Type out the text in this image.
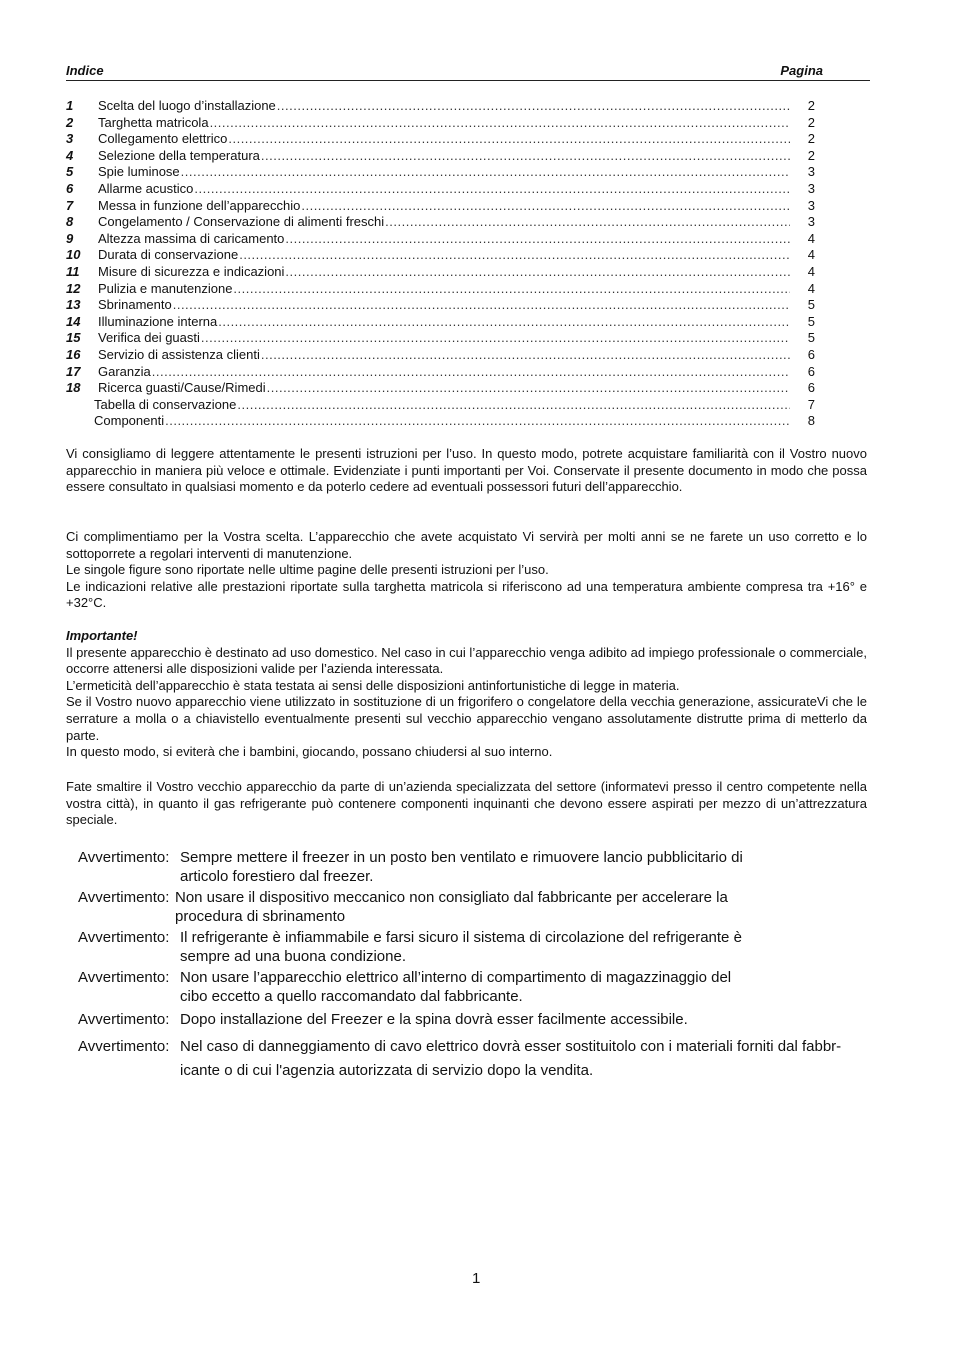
Indice	Pagina
1	Scelta del luogo d’installazione .....	2
2	Targhetta matricola .....	2
3	Collegamento elettrico .....	2
4	Selezione della temperatura .....	2
5	Spie luminose .....	3
6	Allarme acustico .....	3
7	Messa in funzione dell’apparecchio .....	3
8	Congelamento / Conservazione di alimenti freschi .....	3
9	Altezza massima di caricamento .....	4
10	Durata di conservazione .....	4
11	Misure di sicurezza e indicazioni .....	4
12	Pulizia e manutenzione .....	4
13	Sbrinamento .....	5
14	Illuminazione interna .....	5
15	Verifica dei guasti .....	5
16	Servizio di assistenza clienti .....	6
17	Garanzia .....	6
18	Ricerca guasti/Cause/Rimedi .....	6
Tabella di conservazione .....	7
Componenti .....	8

Vi consigliamo di leggere attentamente le presenti istruzioni per l’uso. In questo modo, potrete acquistare familiarità con il Vostro nuovo apparecchio in maniera più veloce e ottimale. Evidenziate i punti importanti per Voi. Conservate il presente documento in modo che possa essere consultato in qualsiasi momento e da poterlo cedere ad eventuali possessori futuri dell’apparecchio.

Ci complimentiamo per la Vostra scelta. L’apparecchio che avete acquistato Vi servirà per molti anni se ne farete un uso corretto e lo sottoporrete a regolari interventi di manutenzione.

Le singole figure sono riportate nelle ultime pagine delle presenti istruzioni per l’uso.

Le indicazioni relative alle prestazioni riportate sulla targhetta matricola si riferiscono ad una temperatura ambiente compresa tra +16° e +32°C.

Importante!

Il presente apparecchio è destinato ad uso domestico. Nel caso in cui l’apparecchio venga adibito ad impiego professionale o commerciale, occorre attenersi alle disposizioni valide per l’azienda interessata.

L’ermeticità dell’apparecchio è stata testata ai sensi delle disposizioni antinfortunistiche di legge in materia.

Se il Vostro nuovo apparecchio viene utilizzato in sostituzione di un frigorifero o congelatore della vecchia generazione, assicurateVi che le serrature a molla o a chiavistello eventualmente presenti sul vecchio apparecchio vengano assolutamente distrutte prima di metterlo da parte.

In questo modo, si eviterà che i bambini, giocando, possano chiudersi al suo interno.

Fate smaltire il Vostro vecchio apparecchio da parte di un’azienda specializzata del settore (informatevi presso il centro competente nella vostra città), in quanto il gas refrigerante può contenere componenti inquinanti che devono essere aspirati per mezzo di un’attrezzatura speciale.

Avvertimento: Sempre mettere il freezer in un posto ben ventilato e rimuovere lancio pubblicitario di
articolo forestiero dal freezer.
Avvertimento: Non usare il dispositivo meccanico non consigliato dal fabbricante per accelerare la
procedura di sbrinamento
Avvertimento: Il refrigerante è infiammabile e farsi sicuro il sistema di circolazione del refrigerante è
sempre ad una buona condizione.
Avvertimento: Non usare l’apparecchio elettrico all’interno di compartimento di magazzinaggio del
cibo eccetto a quello raccomandato dal fabbricante.
Avvertimento: Dopo installazione del Freezer e la spina dovrà esser facilmente accessibile.
Avvertimento: Nel caso di danneggiamento di cavo elettrico dovrà esser sostituitolo con i materiali forniti dal fabbr-
icante o di cui l'agenzia autorizzata di servizio dopo la vendita.
1
